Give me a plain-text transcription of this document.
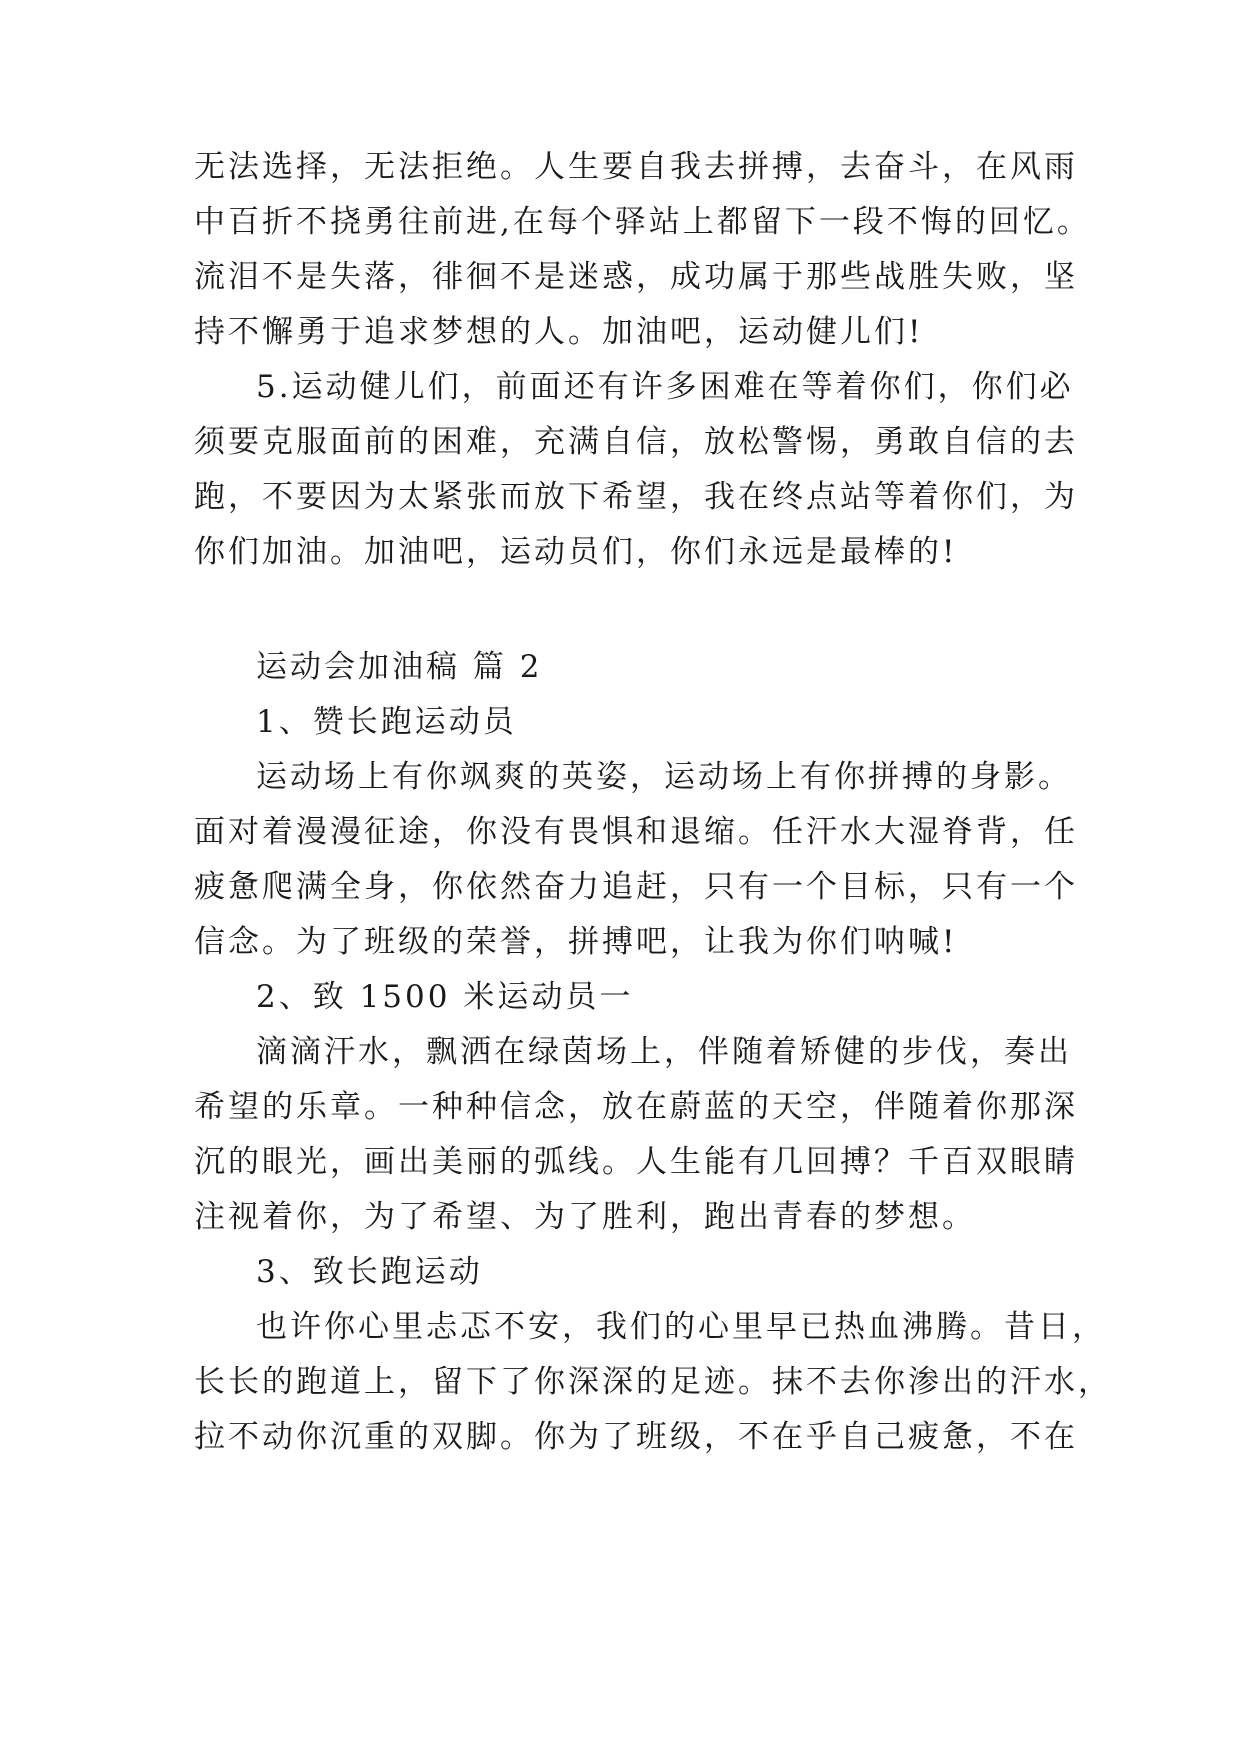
无法选择，无法拒绝。人生要自我去拼搏，去奋斗，在风雨
中百折不挠勇往前进,在每个驿站上都留下一段不悔的回忆。
流泪不是失落，徘徊不是迷惑，成功属于那些战胜失败，坚
持不懈勇于追求梦想的人。加油吧，运动健儿们!
5.运动健儿们，前面还有许多困难在等着你们，你们必
须要克服面前的困难，充满自信，放松警惕，勇敢自信的去
跑，不要因为太紧张而放下希望，我在终点站等着你们，为
你们加油。加油吧，运动员们，你们永远是最棒的!
运动会加油稿 篇 2
1、赞长跑运动员
运动场上有你飒爽的英姿，运动场上有你拼搏的身影。
面对着漫漫征途，你没有畏惧和退缩。任汗水大湿脊背，任
疲惫爬满全身，你依然奋力追赶，只有一个目标，只有一个
信念。为了班级的荣誉，拼搏吧，让我为你们呐喊!
2、致 1500 米运动员一
滴滴汗水，飘洒在绿茵场上，伴随着矫健的步伐，奏出
希望的乐章。一种种信念，放在蔚蓝的天空，伴随着你那深
沉的眼光，画出美丽的弧线。人生能有几回搏？千百双眼睛
注视着你，为了希望、为了胜利，跑出青春的梦想。
3、致长跑运动
也许你心里忐忑不安，我们的心里早已热血沸腾。昔日，
长长的跑道上，留下了你深深的足迹。抹不去你渗出的汗水，
拉不动你沉重的双脚。你为了班级，不在乎自己疲惫，不在
